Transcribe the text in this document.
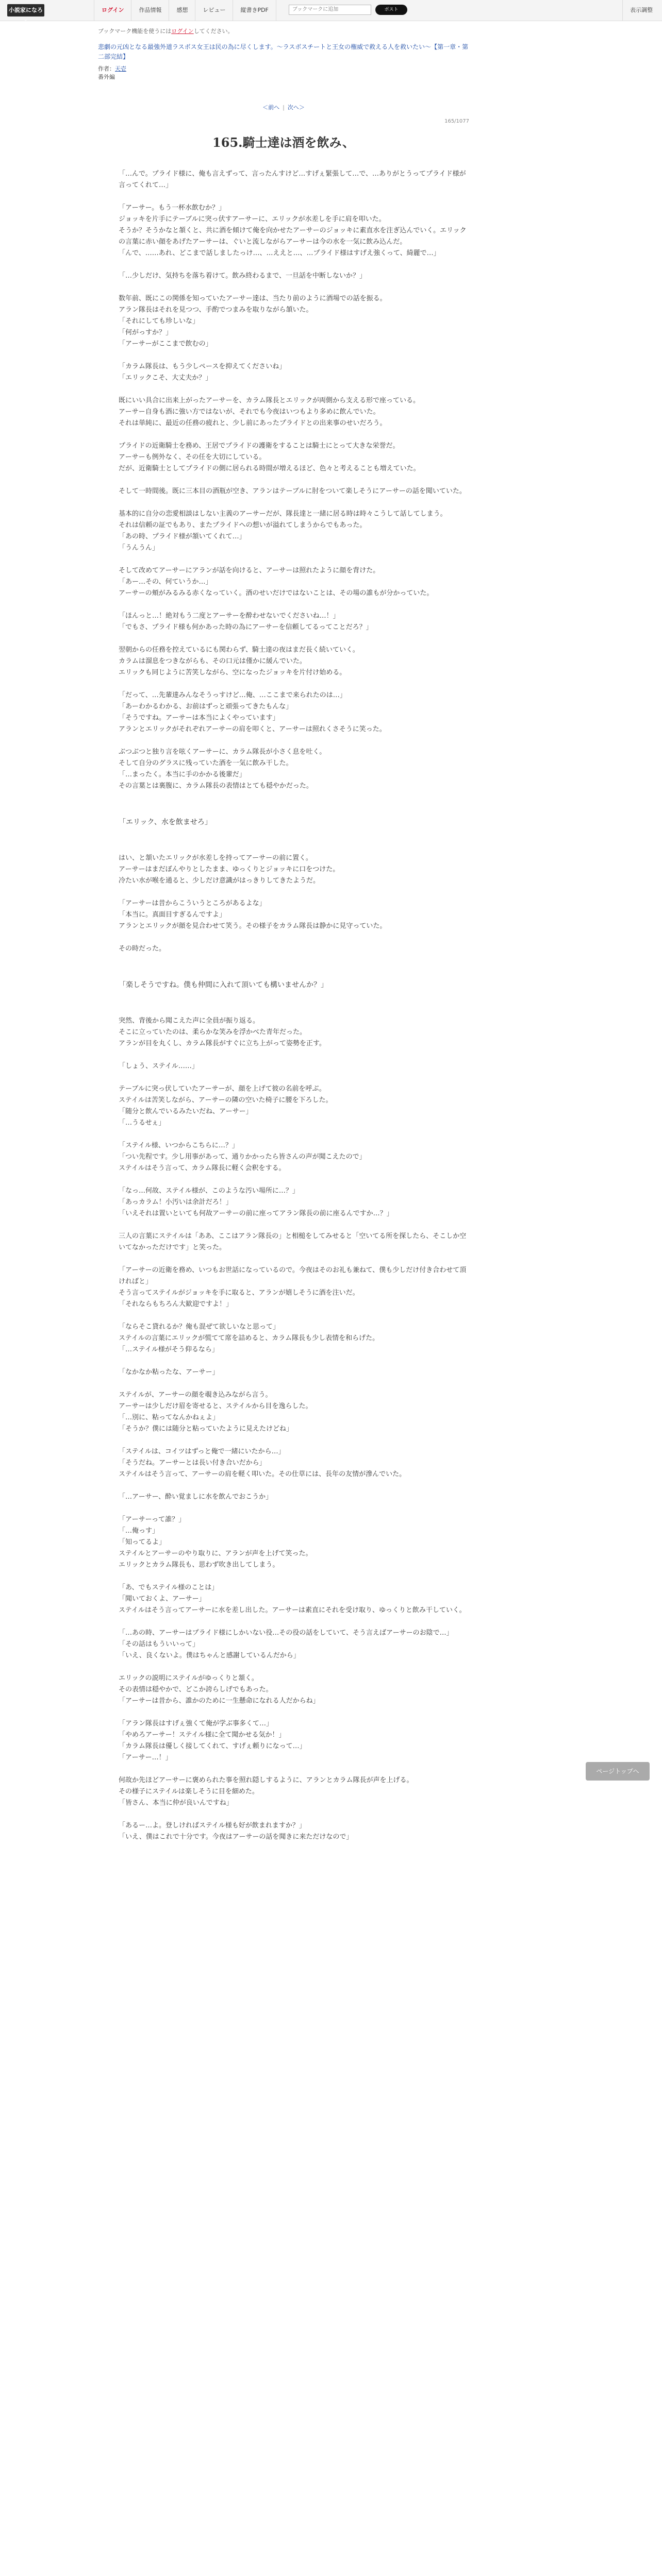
小説家になろう
ログイン	作品情報	感想	レビュー	縦書きPDF	ブックマークに追加	ポスト	表示調整

ブックマーク機能を使うにはログインしてください。

悲劇の元凶となる最強外道ラスボス女王は民の為に尽くします。〜ラスボスチートと王女の権威で救える人を救いたい〜【第一章・第二部完結】
作者：天壱
番外編
＜前へ | 次へ＞
165/1077
165.騎士達は酒を飲み、

「…んで。プライド様に、俺も言えずって、言ったんすけど…すげぇ緊張して…で、…ありがとうってプライド様が言ってくれて…」

「アーサー。もう一杯水飲むか？」
ジョッキを片手にテーブルに突っ伏すアーサーに、エリックが水差しを手に肩を叩いた。
そうか？そうかなと頷くと、共に酒を傾けて俺を向かせたアーサーのジョッキに素直水を注ぎ込んでいく。エリックの言葉に赤い顔をあげたアーサーは、ぐいと流しながらアーサーは今の水を一気に飲み込んだ。
「んで、……あれ、どこまで話しましたっけ…、…ええと…、…プライド様はすげえ強くって、綺麗で…」

「…少しだけ、気持ちを落ち着けて。飲み終わるまで、一旦話を中断しないか？」

数年前、既にこの関係を知っていたアーサー達は、当たり前のように酒場での話を振る。
アラン隊長はそれを見つつ、手酌でつまみを取りながら頷いた。
「それにしても珍しいな」
「何がっすか？」
「アーサーがここまで飲むの」

「カラム隊長は、もう少しペースを抑えてくださいね」
「エリックこそ、大丈夫か？」

既にいい具合に出来上がったアーサーを、カラム隊長とエリックが両側から支える形で座っている。
アーサー自身も酒に強い方ではないが、それでも今夜はいつもより多めに飲んでいた。
それは単純に、最近の任務の疲れと、少し前にあったプライドとの出来事のせいだろう。

プライドの近衛騎士を務め、王居でプライドの護衛をすることは騎士にとって大きな栄誉だ。
アーサーも例外なく、その任を大切にしている。
だが、近衛騎士としてプライドの側に居られる時間が増えるほど、色々と考えることも増えていた。

そして一時間後。既に三本目の酒瓶が空き、アランはテーブルに肘をついて楽しそうにアーサーの話を聞いていた。

基本的に自分の恋愛相談はしない主義のアーサーだが、隊長達と一緒に居る時は時々こうして話してしまう。
それは信頼の証でもあり、またプライドへの想いが溢れてしまうからでもあった。
「あの時、プライド様が頷いてくれて…」
「うんうん」

そして改めてアーサーにアランが話を向けると、アーサーは照れたように顔を背けた。
「あー…その、何ていうか…」
アーサーの頬がみるみる赤くなっていく。酒のせいだけではないことは、その場の誰もが分かっていた。

「ほんっと…！絶対もう二度とアーサーを酔わせないでくださいね…！」
「でもさ、プライド様も何かあった時の為にアーサーを信頼してるってことだろ？」

翌朝からの任務を控えているにも関わらず、騎士達の夜はまだ長く続いていく。
カラムは溜息をつきながらも、その口元は僅かに緩んでいた。
エリックも同じように苦笑しながら、空になったジョッキを片付け始める。

「だって、…先輩達みんなそうっすけど…俺、…ここまで来られたのは…」
「あーわかるわかる、お前はずっと頑張ってきたもんな」
「そうですね。アーサーは本当によくやっています」
アランとエリックがそれぞれアーサーの肩を叩くと、アーサーは照れくさそうに笑った。

ぶつぶつと独り言を呟くアーサーに、カラム隊長が小さく息を吐く。
そして自分のグラスに残っていた酒を一気に飲み干した。
「…まったく。本当に手のかかる後輩だ」
その言葉とは裏腹に、カラム隊長の表情はとても穏やかだった。

「エリック、水を飲ませろ」

はい、と頷いたエリックが水差しを持ってアーサーの前に置く。
アーサーはまだぼんやりとしたまま、ゆっくりとジョッキに口をつけた。
冷たい水が喉を通ると、少しだけ意識がはっきりしてきたようだ。

「アーサーは昔からこういうところがあるよな」
「本当に。真面目すぎるんですよ」
アランとエリックが顔を見合わせて笑う。その様子をカラム隊長は静かに見守っていた。

その時だった。

「楽しそうですね。僕も仲間に入れて頂いても構いませんか？」

突然、背後から聞こえた声に全員が振り返る。
そこに立っていたのは、柔らかな笑みを浮かべた青年だった。
アランが目を丸くし、カラム隊長がすぐに立ち上がって姿勢を正す。

「しょう、ステイル……」

テーブルに突っ伏していたアーサーが、顔を上げて彼の名前を呼ぶ。
ステイルは苦笑しながら、アーサーの隣の空いた椅子に腰を下ろした。
「随分と飲んでいるみたいだね、アーサー」
「…うるせぇ」

「ステイル様、いつからこちらに…？」
「つい先程です。少し用事があって、通りかかったら皆さんの声が聞こえたので」
ステイルはそう言って、カラム隊長に軽く会釈をする。

「なっ…何故、ステイル様が、このような汚い場所に…？」
「あっカラム！小汚いは余計だろ！」
「いえそれは置いといても何故アーサーの前に座ってアラン隊長の前に座るんですか…？」

三人の言葉にステイルは「ああ、ここはアラン隊長の」と相槌をしてみせると「空いてる所を探したら、そこしか空いてなかっただけです」と笑った。

「アーサーの近衛を務め、いつもお世話になっているので。今夜はそのお礼も兼ねて、僕も少しだけ付き合わせて頂ければと」
そう言ってステイルがジョッキを手に取ると、アランが嬉しそうに酒を注いだ。
「それならもちろん大歓迎ですよ！」

「ならそこ貸れるか？俺も混ぜて欲しいなと思って」
ステイルの言葉にエリックが慌てて席を詰めると、カラム隊長も少し表情を和らげた。
「…ステイル様がそう仰るなら」

「なかなか粘ったな、アーサー」

ステイルが、アーサーの顔を覗き込みながら言う。
アーサーは少しだけ眉を寄せると、ステイルから目を逸らした。
「…別に、粘ってなんかねぇよ」
「そうか？僕には随分と粘っていたように見えたけどね」

「ステイルは、コイツはずっと俺で一緒にいたから…」
「そうだね。アーサーとは長い付き合いだから」
ステイルはそう言って、アーサーの肩を軽く叩いた。その仕草には、長年の友情が滲んでいた。

「…アーサー、酔い覚ましに水を飲んでおこうか」

「アーサーって誰？」
「…俺っす」
「知ってるよ」
ステイルとアーサーのやり取りに、アランが声を上げて笑った。
エリックとカラム隊長も、思わず吹き出してしまう。

「あ、でもステイル様のことは」
「聞いておくよ、アーサー」
ステイルはそう言ってアーサーに水を差し出した。アーサーは素直にそれを受け取り、ゆっくりと飲み干していく。

「…あの時、アーサーはプライド様にしかいない役…その役の話をしていて、そう言えばアーサーのお陰で…」
「その話はもういいって」
「いえ、良くないよ。僕はちゃんと感謝しているんだから」

エリックの説明にステイルがゆっくりと頷く。
その表情は穏やかで、どこか誇らしげでもあった。
「アーサーは昔から、誰かのために一生懸命になれる人だからね」

「アラン隊長はすげぇ強くて俺が学ぶ事多くて…」
「やめろアーサー！ステイル様に全て聞かせる気か！」
「カラム隊長は優しく接してくれて、すげぇ頼りになって…」
「アーサー…！」

何故か先ほどアーサーに褒められた事を照れ隠しするように、アランとカラム隊長が声を上げる。
その様子にステイルは楽しそうに目を細めた。
「皆さん、本当に仲が良いんですね」

「あるー…よ。登しけれぱステイル様も好が飲まれますか？」
「いえ、僕はこれで十分です。今夜はアーサーの話を聞きに来ただけなので」

ページトップへ
